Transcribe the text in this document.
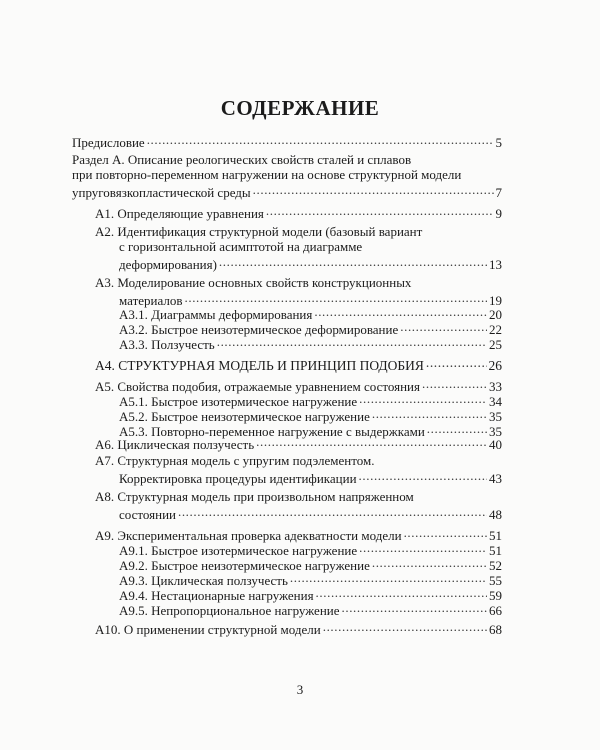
СОДЕРЖАНИЕ
Предисловие .....	5
Раздел А. Описание реологических свойств сталей и сплавов
при повторно-переменном нагружении на основе структурной модели
упруговязкопластической среды .....	7
А1. Определяющие уравнения .....	9
А2. Идентификация структурной модели (базовый вариант
с горизонтальной асимптотой на диаграмме
деформирования) .....	13
А3. Моделирование основных свойств конструкционных
материалов .....	19
А3.1. Диаграммы деформирования .....	20
А3.2. Быстрое неизотермическое деформирование .....	22
А3.3. Ползучесть .....	25
А4. СТРУКТУРНАЯ МОДЕЛЬ И ПРИНЦИП ПОДОБИЯ .....	26
А5. Свойства подобия, отражаемые уравнением состояния .....	33
А5.1. Быстрое изотермическое нагружение .....	34
А5.2. Быстрое неизотермическое нагружение .....	35
А5.3. Повторно-переменное нагружение с выдержками .....	35
А6. Циклическая ползучесть .....	40
А7. Структурная модель с упругим подэлементом.
Корректировка процедуры идентификации .....	43
А8. Структурная модель при произвольном напряженном
состоянии .....	48
А9. Экспериментальная проверка адекватности модели .....	51
А9.1. Быстрое изотермическое нагружение .....	51
А9.2. Быстрое неизотермическое нагружение .....	52
А9.3. Циклическая ползучесть .....	55
А9.4. Нестационарные нагружения .....	59
А9.5. Непропорциональное нагружение .....	66
А10. О применении структурной модели .....	68
3
